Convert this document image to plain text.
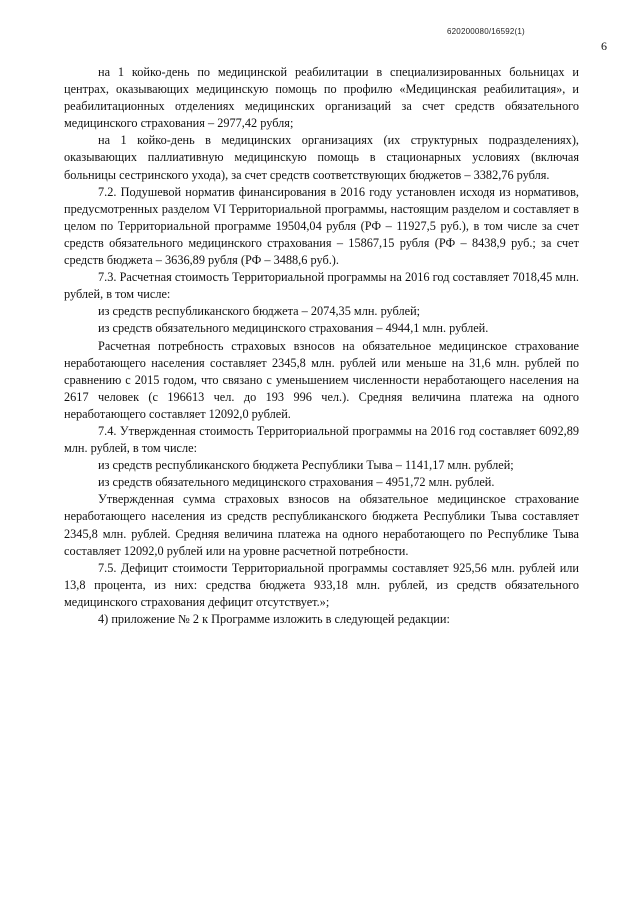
620200080/16592(1)
6

на 1 койко-день по медицинской реабилитации в специализированных больницах и центрах, оказывающих медицинскую помощь по профилю «Медицинская реабилитация», и реабилитационных отделениях медицинских организаций за счет средств обязательного медицинского страхования – 2977,42 рубля;

на 1 койко-день в медицинских организациях (их структурных подразделениях), оказывающих паллиативную медицинскую помощь в стационарных условиях (включая больницы сестринского ухода), за счет средств соответствующих бюджетов – 3382,76 рубля.

7.2. Подушевой норматив финансирования в 2016 году установлен исходя из нормативов, предусмотренных разделом VI Территориальной программы, настоящим разделом и составляет в целом по Территориальной программе 19504,04 рубля (РФ – 11927,5 руб.), в том числе за счет средств обязательного медицинского страхования – 15867,15 рубля (РФ – 8438,9 руб.; за счет средств бюджета – 3636,89 рубля (РФ – 3488,6 руб.).

7.3. Расчетная стоимость Территориальной программы на 2016 год составляет 7018,45 млн. рублей, в том числе:

из средств республиканского бюджета – 2074,35 млн. рублей;

из средств обязательного медицинского страхования – 4944,1 млн. рублей.

Расчетная потребность страховых взносов на обязательное медицинское страхование неработающего населения составляет 2345,8 млн. рублей или меньше на 31,6 млн. рублей по сравнению с 2015 годом, что связано с уменьшением численности неработающего населения на 2617 человек (с 196613 чел. до 193 996 чел.). Средняя величина платежа на одного неработающего составляет 12092,0 рублей.

7.4. Утвержденная стоимость Территориальной программы на 2016 год составляет 6092,89 млн. рублей, в том числе:

из средств республиканского бюджета Республики Тыва – 1141,17 млн. рублей;

из средств обязательного медицинского страхования – 4951,72 млн. рублей.

Утвержденная сумма страховых взносов на обязательное медицинское страхование неработающего населения из средств республиканского бюджета Республики Тыва составляет 2345,8 млн. рублей. Средняя величина платежа на одного неработающего по Республике Тыва составляет 12092,0 рублей или на уровне расчетной потребности.

7.5. Дефицит стоимости Территориальной программы составляет 925,56 млн. рублей или 13,8 процента, из них: средства бюджета 933,18 млн. рублей, из средств обязательного медицинского страхования дефицит отсутствует.»;

4) приложение № 2 к Программе изложить в следующей редакции:
